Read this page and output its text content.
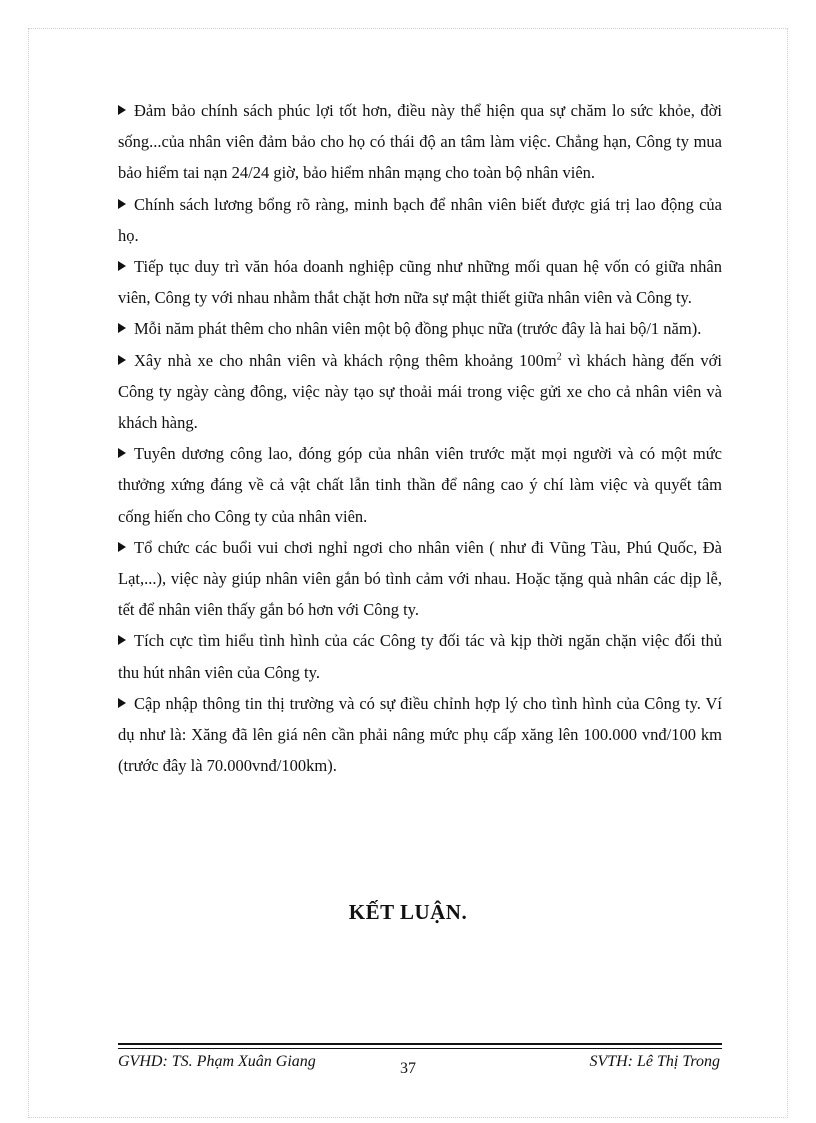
Đảm bảo chính sách phúc lợi tốt hơn, điều này thể hiện qua sự chăm lo sức khỏe, đời sống...của nhân viên đảm bảo cho họ có thái độ an tâm làm việc. Chẳng hạn, Công ty mua bảo hiểm tai nạn 24/24 giờ, bảo hiểm nhân mạng cho toàn bộ nhân viên.

Chính sách lương bổng rõ ràng, minh bạch để nhân viên biết được giá trị lao động của họ.

Tiếp tục duy trì văn hóa doanh nghiệp cũng như những mối quan hệ vốn có giữa nhân viên, Công ty với nhau nhằm thắt chặt hơn nữa sự mật thiết giữa nhân viên và Công ty.

Mỗi năm phát thêm cho nhân viên một bộ đồng phục nữa (trước đây là hai bộ/1 năm).

Xây nhà xe cho nhân viên và khách rộng thêm khoảng $100m^2$ vì khách hàng đến với Công ty ngày càng đông, việc này tạo sự thoải mái trong việc gửi xe cho cả nhân viên và khách hàng.

Tuyên dương công lao, đóng góp của nhân viên trước mặt mọi người và có một mức thưởng xứng đáng về cả vật chất lẫn tinh thần để nâng cao ý chí làm việc và quyết tâm cống hiến cho Công ty của nhân viên.

Tổ chức các buổi vui chơi nghỉ ngơi cho nhân viên ( như đi Vũng Tàu, Phú Quốc, Đà Lạt,...), việc này giúp nhân viên gắn bó tình cảm với nhau. Hoặc tặng quà nhân các dịp lễ, tết để nhân viên thấy gắn bó hơn với Công ty.

Tích cực tìm hiểu tình hình của các Công ty đối tác và kịp thời ngăn chặn việc đối thủ thu hút nhân viên của Công ty.

Cập nhập thông tin thị trường và có sự điều chỉnh hợp lý cho tình hình của Công ty. Ví dụ như là: Xăng đã lên giá nên cần phải nâng mức phụ cấp xăng lên 100.000 vnđ/100 km (trước đây là 70.000vnđ/100km).

KẾT LUẬN.
GVHD: TS. Phạm Xuân Giang	37	SVTH: Lê Thị Trong
